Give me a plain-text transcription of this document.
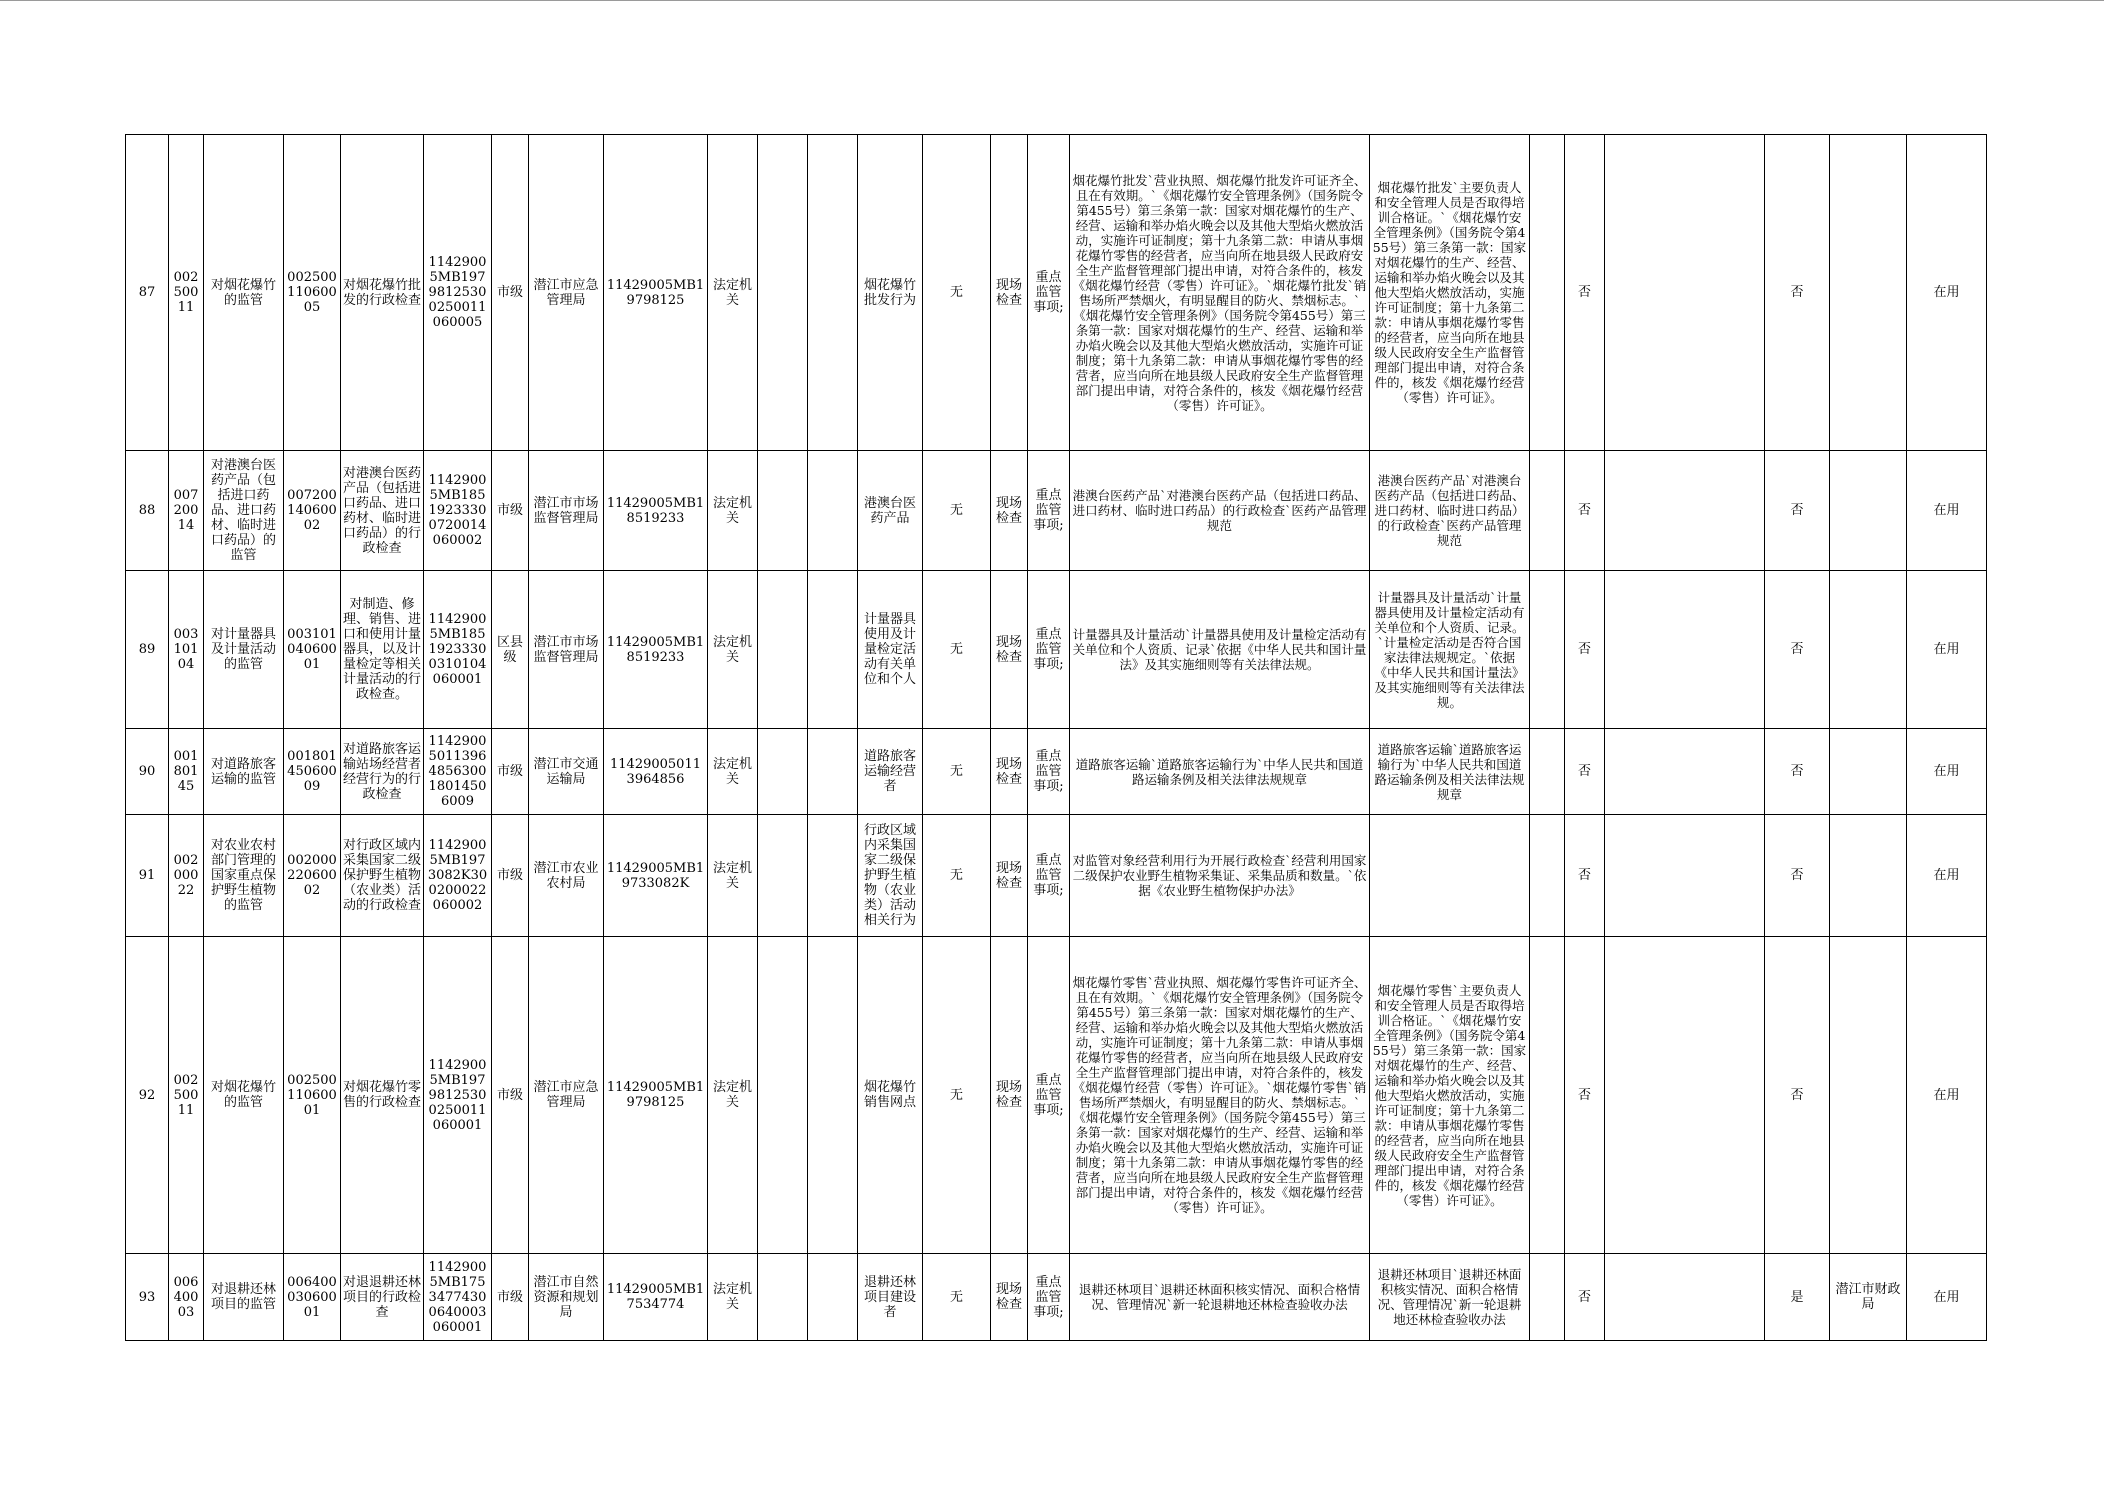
87	00250011	对烟花爆竹的监管	00250011060005	对烟花爆竹批发的行政检查	11429005MB19798125300250011060005	市级	潜江市应急管理局	11429005MB19798125	法定机关			烟花爆竹批发行为	无	现场检查	重点监管事项;	烟花爆竹批发`营业执照、烟花爆竹批发许可证齐全、且在有效期。`《烟花爆竹安全管理条例》（国务院令第455号）第三条第一款：国家对烟花爆竹的生产、经营、运输和举办焰火晚会以及其他大型焰火燃放活动，实施许可证制度；第十九条第二款：申请从事烟花爆竹零售的经营者，应当向所在地县级人民政府安全生产监督管理部门提出申请，对符合条件的，核发《烟花爆竹经营（零售）许可证》。`烟花爆竹批发`销售场所严禁烟火，有明显醒目的防火、禁烟标志。`《烟花爆竹安全管理条例》（国务院令第455号）第三条第一款：国家对烟花爆竹的生产、经营、运输和举办焰火晚会以及其他大型焰火燃放活动，实施许可证制度；第十九条第二款：申请从事烟花爆竹零售的经营者，应当向所在地县级人民政府安全生产监督管理部门提出申请，对符合条件的，核发《烟花爆竹经营（零售）许可证》。	烟花爆竹批发`主要负责人和安全管理人员是否取得培训合格证。`《烟花爆竹安全管理条例》（国务院令第455号）第三条第一款：国家对烟花爆竹的生产、经营、运输和举办焰火晚会以及其他大型焰火燃放活动，实施许可证制度；第十九条第二款：申请从事烟花爆竹零售的经营者，应当向所在地县级人民政府安全生产监督管理部门提出申请，对符合条件的，核发《烟花爆竹经营（零售）许可证》。		否		否		在用
88	00720014	对港澳台医药产品（包括进口药品、进口药材、临时进口药品）的监管	00720014060002	对港澳台医药产品（包括进口药品、进口药材、临时进口药品）的行政检查	11429005MB18519233300720014060002	市级	潜江市市场监督管理局	11429005MB18519233	法定机关			港澳台医药产品	无	现场检查	重点监管事项;	港澳台医药产品`对港澳台医药产品（包括进口药品、进口药材、临时进口药品）的行政检查`医药产品管理规范	港澳台医药产品`对港澳台医药产品（包括进口药品、进口药材、临时进口药品）的行政检查`医药产品管理规范		否		否		在用
89	00310104	对计量器具及计量活动的监管	00310104060001	对制造、修理、销售、进口和使用计量器具，以及计量检定等相关计量活动的行政检查。	11429005MB18519233300310104060001	区县级	潜江市市场监督管理局	11429005MB18519233	法定机关			计量器具使用及计量检定活动有关单位和个人	无	现场检查	重点监管事项;	计量器具及计量活动`计量器具使用及计量检定活动有关单位和个人资质、记录`依据《中华人民共和国计量法》及其实施细则等有关法律法规。	计量器具及计量活动`计量器具使用及计量检定活动有关单位和个人资质、记录。`计量检定活动是否符合国家法律法规规定。`依据《中华人民共和国计量法》及其实施细则等有关法律法规。		否		否		在用
90	00180145	对道路旅客运输的监管	00180145060009	对道路旅客运输站场经营者经营行为的行政检查	11429005011396485630018014506009	市级	潜江市交通运输局	114290050113964856	法定机关			道路旅客运输经营者	无	现场检查	重点监管事项;	道路旅客运输`道路旅客运输行为`中华人民共和国道路运输条例及相关法律法规规章	道路旅客运输`道路旅客运输行为`中华人民共和国道路运输条例及相关法律法规规章		否		否		在用
91	00200022	对农业农村部门管理的国家重点保护野生植物的监管	00200022060002	对行政区域内采集国家二级保护野生植物（农业类）活动的行政检查	11429005MB1973082K300200022060002	市级	潜江市农业农村局	11429005MB19733082K	法定机关			行政区域内采集国家二级保护野生植物（农业类）活动相关行为	无	现场检查	重点监管事项;	对监管对象经营利用行为开展行政检查`经营利用国家二级保护农业野生植物采集证、采集品质和数量。`依据《农业野生植物保护办法》			否		否		在用
92	00250011	对烟花爆竹的监管	00250011060001	对烟花爆竹零售的行政检查	11429005MB19798125300250011060001	市级	潜江市应急管理局	11429005MB19798125	法定机关			烟花爆竹销售网点	无	现场检查	重点监管事项;	烟花爆竹零售`营业执照、烟花爆竹零售许可证齐全、且在有效期。`《烟花爆竹安全管理条例》（国务院令第455号）第三条第一款：国家对烟花爆竹的生产、经营、运输和举办焰火晚会以及其他大型焰火燃放活动，实施许可证制度；第十九条第二款：申请从事烟花爆竹零售的经营者，应当向所在地县级人民政府安全生产监督管理部门提出申请，对符合条件的，核发《烟花爆竹经营（零售）许可证》。`烟花爆竹零售`销售场所严禁烟火，有明显醒目的防火、禁烟标志。`《烟花爆竹安全管理条例》（国务院令第455号）第三条第一款：国家对烟花爆竹的生产、经营、运输和举办焰火晚会以及其他大型焰火燃放活动，实施许可证制度；第十九条第二款：申请从事烟花爆竹零售的经营者，应当向所在地县级人民政府安全生产监督管理部门提出申请，对符合条件的，核发《烟花爆竹经营（零售）许可证》。	烟花爆竹零售`主要负责人和安全管理人员是否取得培训合格证。`《烟花爆竹安全管理条例》（国务院令第455号）第三条第一款：国家对烟花爆竹的生产、经营、运输和举办焰火晚会以及其他大型焰火燃放活动，实施许可证制度；第十九条第二款：申请从事烟花爆竹零售的经营者，应当向所在地县级人民政府安全生产监督管理部门提出申请，对符合条件的，核发《烟花爆竹经营（零售）许可证》。		否		否		在用
93	00640003	对退耕还林项目的监管	00640003060001	对退退耕还林项目的行政检查	11429005MB17534774300640003060001	市级	潜江市自然资源和规划局	11429005MB17534774	法定机关			退耕还林项目建设者	无	现场检查	重点监管事项;	退耕还林项目`退耕还林面积核实情况、面积合格情况、管理情况`新一轮退耕地还林检查验收办法	退耕还林项目`退耕还林面积核实情况、面积合格情况、管理情况`新一轮退耕地还林检查验收办法		否		是	潜江市财政局	在用
